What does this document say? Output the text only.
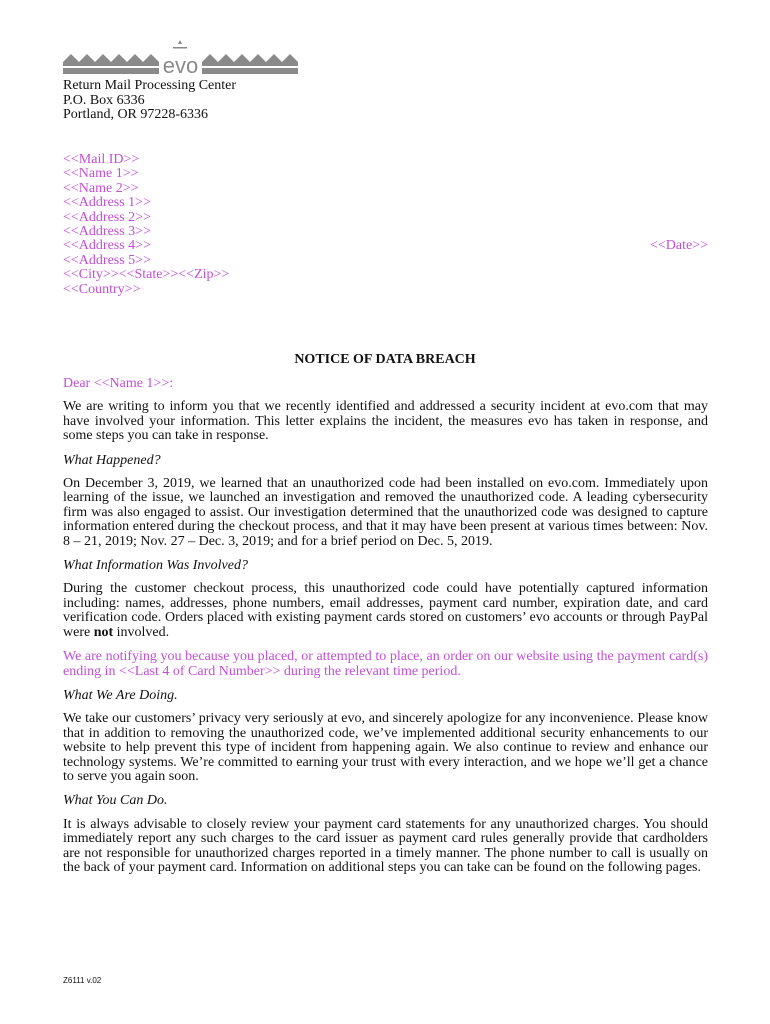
evo
Return Mail Processing Center
P.O. Box 6336
Portland, OR 97228-6336
<<Mail ID>>
<<Name 1>>
<<Name 2>>
<<Address 1>>
<<Address 2>>
<<Address 3>>
<<Address 4>>
<<Address 5>>
<<City>><<State>><<Zip>>
<<Country>>
<<Date>>
NOTICE OF DATA BREACH

Dear <<Name 1>>:

We are writing to inform you that we recently identified and addressed a security incident at evo.com that may have involved your information. This letter explains the incident, the measures evo has taken in response, and some steps you can take in response.

What Happened?

On December 3, 2019, we learned that an unauthorized code had been installed on evo.com. Immediately upon learning of the issue, we launched an investigation and removed the unauthorized code. A leading cybersecurity firm was also engaged to assist. Our investigation determined that the unauthorized code was designed to capture information entered during the checkout process, and that it may have been present at various times between: Nov. 8 – 21, 2019; Nov. 27 – Dec. 3, 2019; and for a brief period on Dec. 5, 2019.

What Information Was Involved?

During the customer checkout process, this unauthorized code could have potentially captured information including: names, addresses, phone numbers, email addresses, payment card number, expiration date, and card verification code. Orders placed with existing payment cards stored on customers’ evo accounts or through PayPal were not involved.

We are notifying you because you placed, or attempted to place, an order on our website using the payment card(s) ending in <<Last 4 of Card Number>> during the relevant time period.

What We Are Doing.

We take our customers’ privacy very seriously at evo, and sincerely apologize for any inconvenience. Please know that in addition to removing the unauthorized code, we’ve implemented additional security enhancements to our website to help prevent this type of incident from happening again. We also continue to review and enhance our technology systems. We’re committed to earning your trust with every interaction, and we hope we’ll get a chance to serve you again soon.

What You Can Do.

It is always advisable to closely review your payment card statements for any unauthorized charges. You should immediately report any such charges to the card issuer as payment card rules generally provide that cardholders are not responsible for unauthorized charges reported in a timely manner. The phone number to call is usually on the back of your payment card. Information on additional steps you can take can be found on the following pages.

Z6111 v.02
